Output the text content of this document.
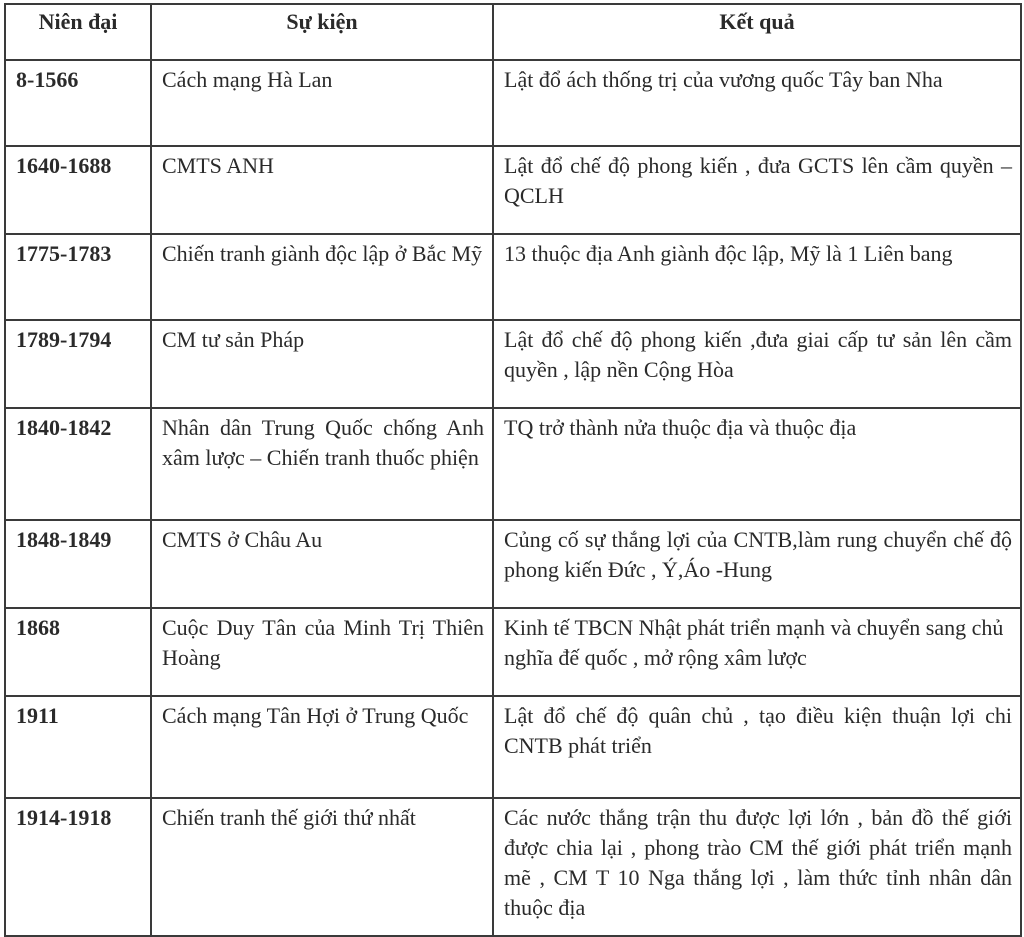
Niên đại	Sự kiện	Kết quả
8-1566	Cách mạng Hà Lan	Lật đổ ách thống trị của vương quốc Tây ban Nha
1640-1688	CMTS ANH	Lật đổ chế độ phong kiến , đưa GCTS lên cầm quyền –QCLH
1775-1783	Chiến tranh giành độc lập ở Bắc Mỹ	13 thuộc địa Anh giành độc lập, Mỹ là 1 Liên bang
1789-1794	CM tư sản Pháp	Lật đổ chế độ phong kiến ,đưa giai cấp tư sản lên cầm quyền , lập nền Cộng Hòa
1840-1842	Nhân dân Trung Quốc chống Anh xâm lược – Chiến tranh thuốc phiện	TQ trở thành nửa thuộc địa và thuộc địa
1848-1849	CMTS ở Châu Au	Củng cố sự thắng lợi của CNTB,làm rung chuyển chế độ phong kiến Đức , Ý,Áo -Hung
1868	Cuộc Duy Tân của Minh Trị Thiên Hoàng	Kinh tế TBCN Nhật phát triển mạnh và chuyển sang chủ nghĩa đế quốc , mở rộng xâm lược
1911	Cách mạng Tân Hợi ở Trung Quốc	Lật đổ chế độ quân chủ , tạo điều kiện thuận lợi chi CNTB phát triển
1914-1918	Chiến tranh thế giới thứ nhất	Các nước thắng trận thu được lợi lớn , bản đồ thế giới được chia lại , phong trào CM thế giới phát triển mạnh mẽ , CM T 10 Nga thắng lợi , làm thức tỉnh nhân dân thuộc địa
